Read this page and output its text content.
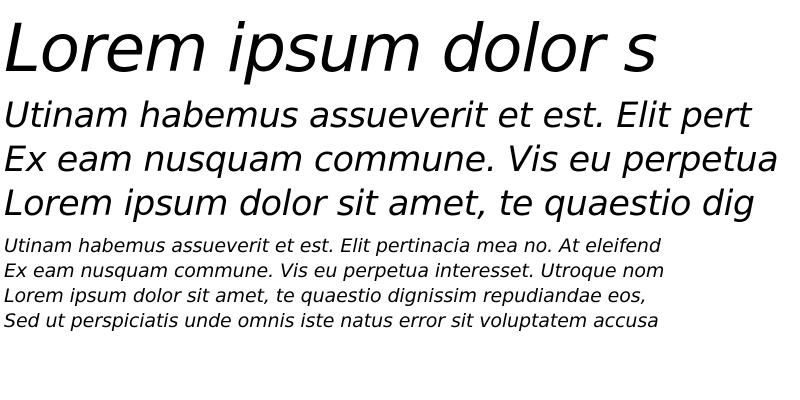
Lorem ipsum dolor s
Utinam habemus assueverit et est. Elit pert
Ex eam nusquam commune. Vis eu perpetua
Lorem ipsum dolor sit amet, te quaestio dig
Utinam habemus assueverit et est. Elit pertinacia mea no. At eleifend
Ex eam nusquam commune. Vis eu perpetua interesset. Utroque nom
Lorem ipsum dolor sit amet, te quaestio dignissim repudiandae eos,
Sed ut perspiciatis unde omnis iste natus error sit voluptatem accusa
